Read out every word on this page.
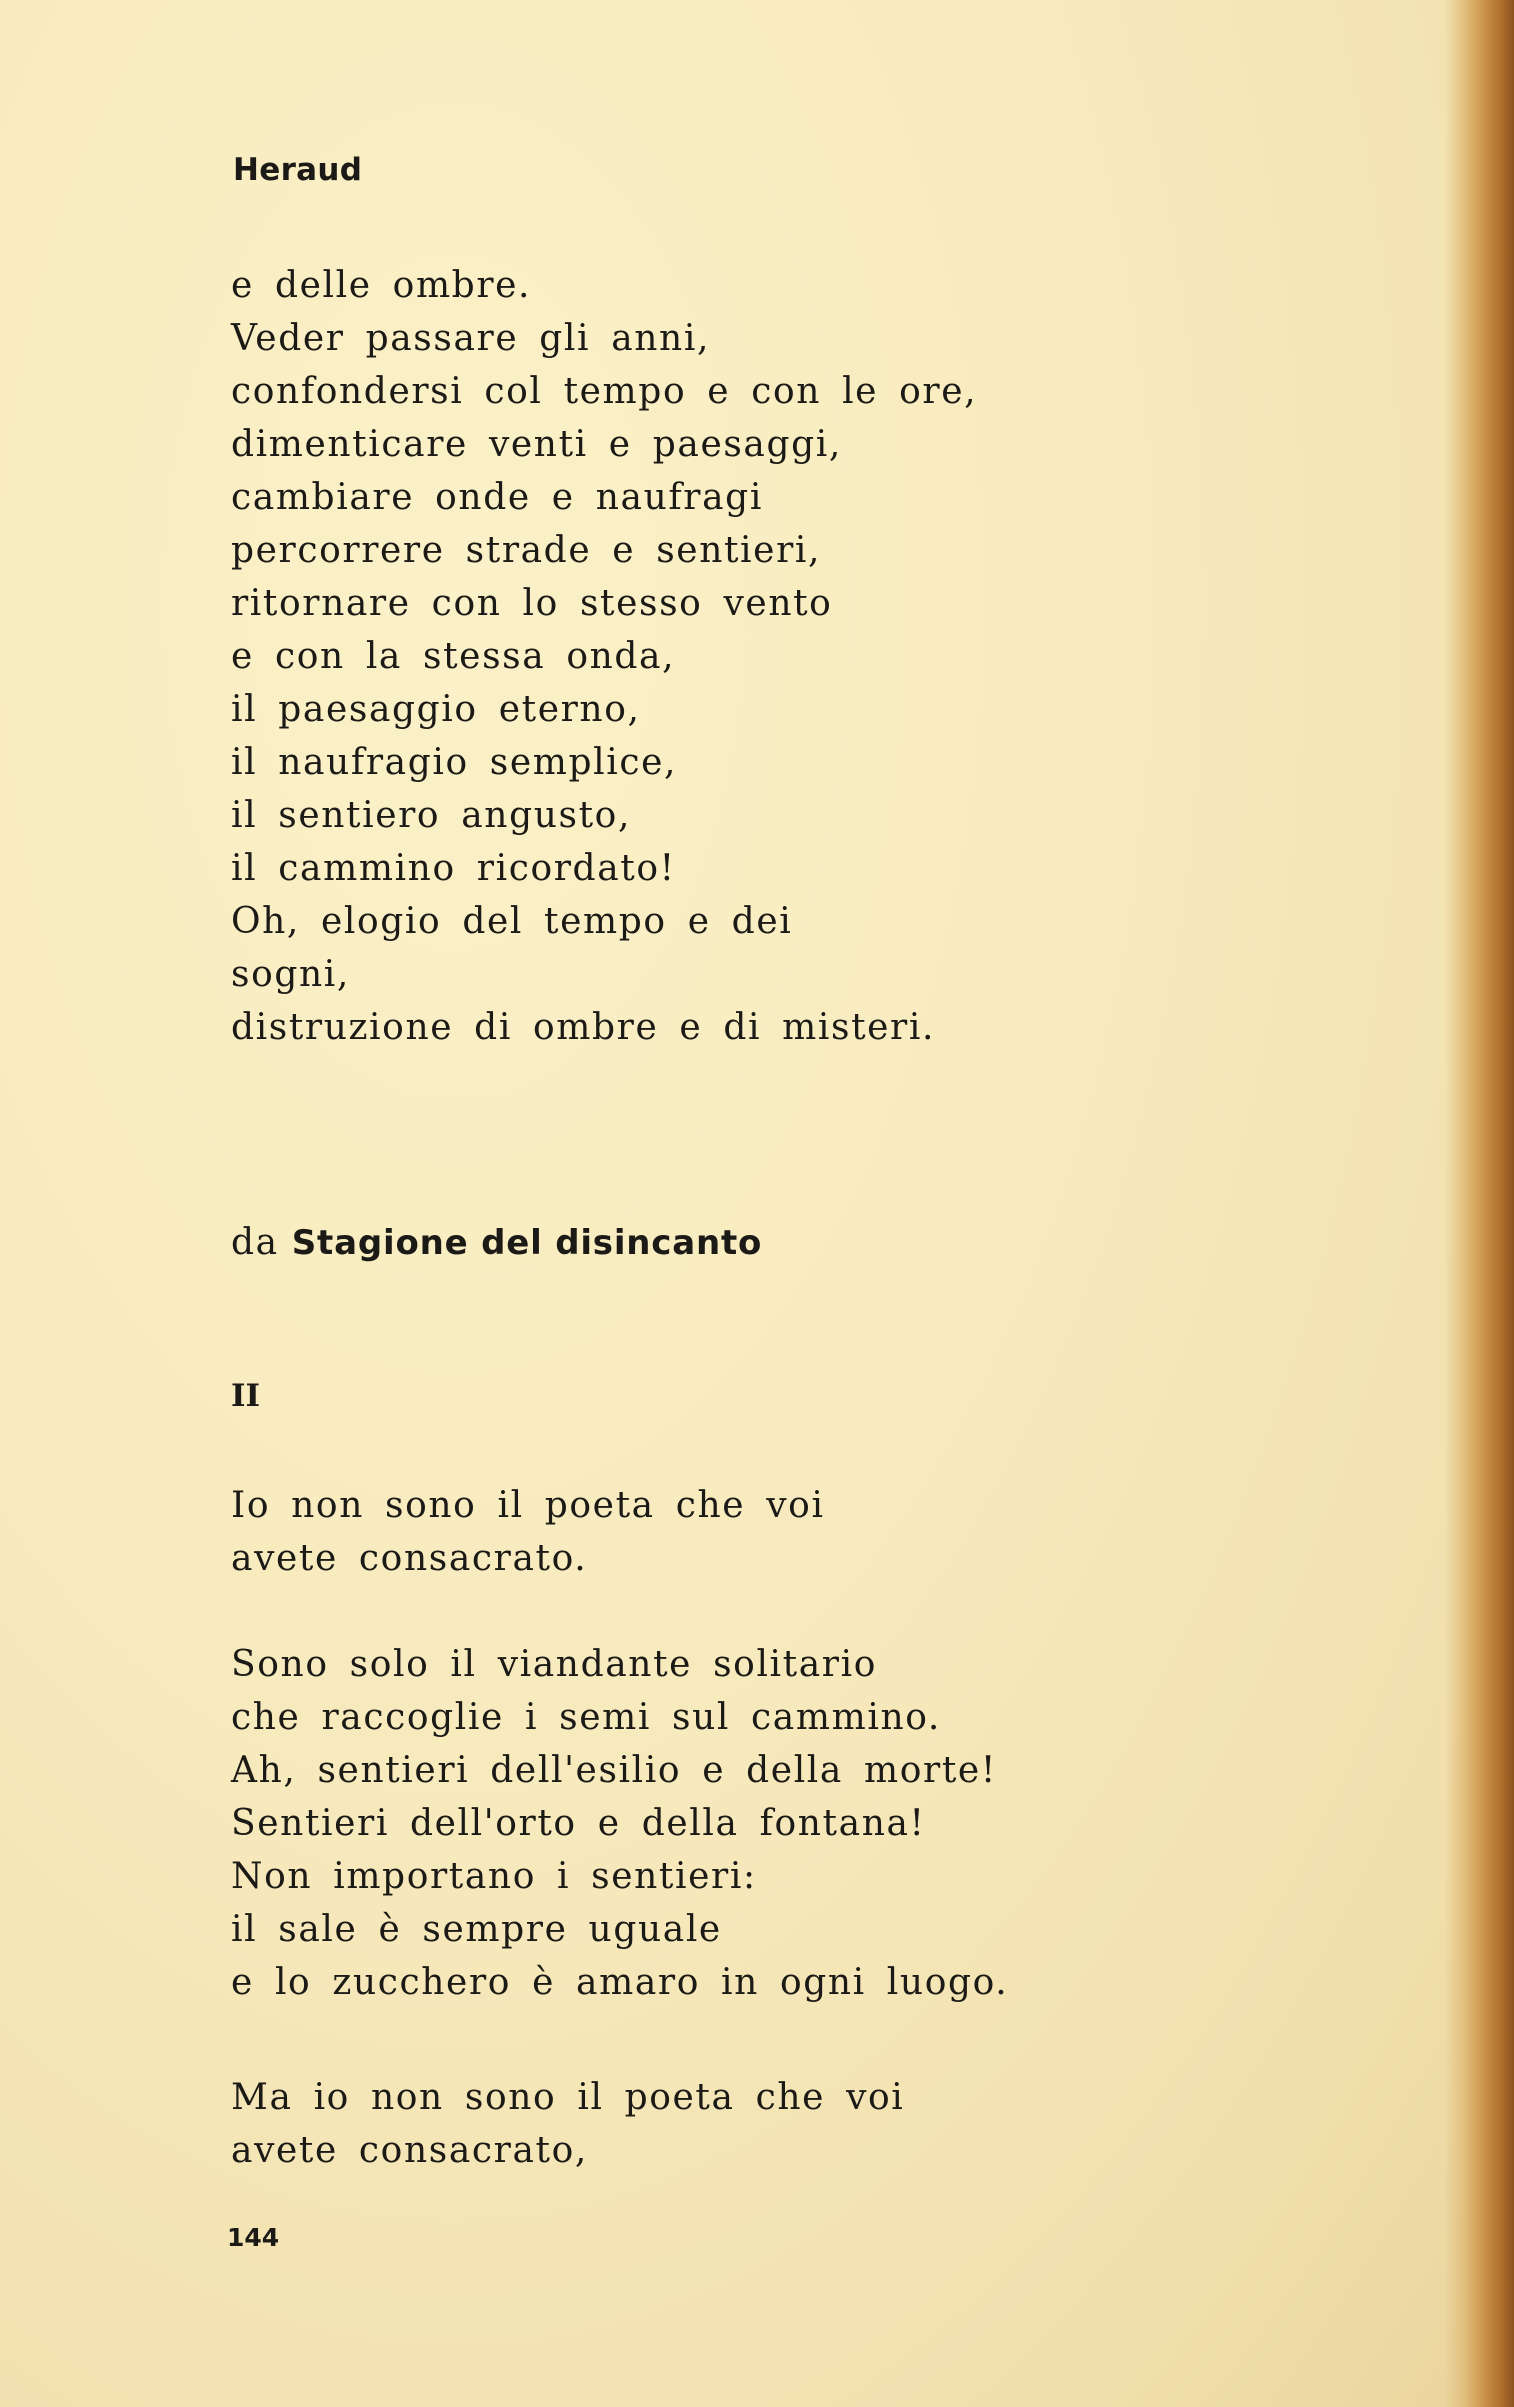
Heraud

e delle ombre.
Veder passare gli anni,
confondersi col tempo e con le ore,
dimenticare venti e paesaggi,
cambiare onde e naufragi
percorrere strade e sentieri,
ritornare con lo stesso vento
e con la stessa onda,
il paesaggio eterno,
il naufragio semplice,
il sentiero angusto,
il cammino ricordato!
Oh, elogio del tempo e dei
sogni,
distruzione di ombre e di misteri.
da Stagione del disincanto
II
Io non sono il poeta che voi
avete consacrato.
Sono solo il viandante solitario
che raccoglie i semi sul cammino.
Ah, sentieri dell'esilio e della morte!
Sentieri dell'orto e della fontana!
Non importano i sentieri:
il sale è sempre uguale
e lo zucchero è amaro in ogni luogo.
Ma io non sono il poeta che voi
avete consacrato,

144
